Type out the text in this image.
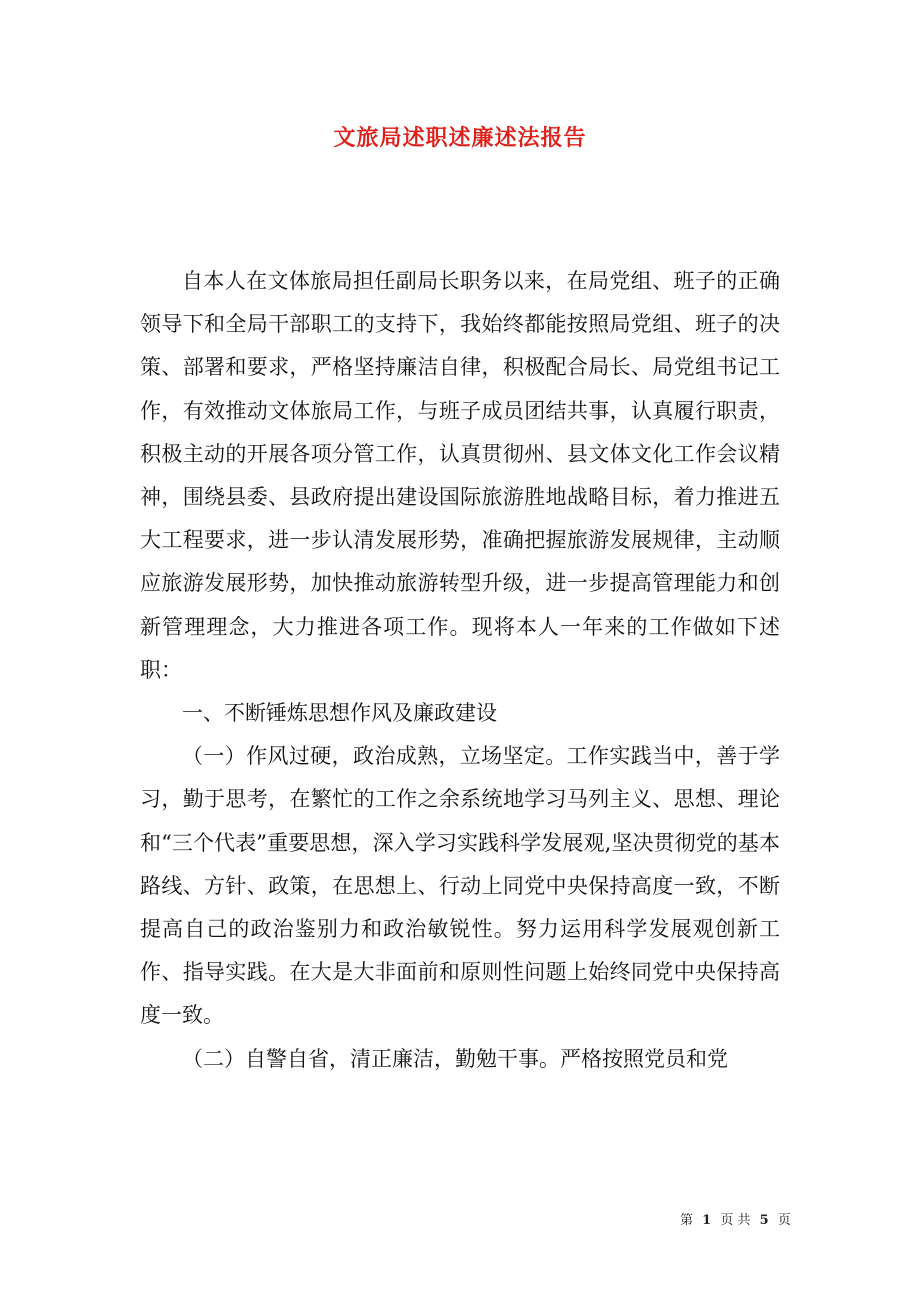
文旅局述职述廉述法报告

自本人在文体旅局担任副局长职务以来，在局党组、班子的正确领导下和全局干部职工的支持下，我始终都能按照局党组、班子的决策、部署和要求，严格坚持廉洁自律，积极配合局长、局党组书记工作，有效推动文体旅局工作，与班子成员团结共事，认真履行职责，积极主动的开展各项分管工作，认真贯彻州、县文体文化工作会议精神，围绕县委、县政府提出建设国际旅游胜地战略目标，着力推进五大工程要求，进一步认清发展形势，准确把握旅游发展规律，主动顺应旅游发展形势，加快推动旅游转型升级，进一步提高管理能力和创新管理理念，大力推进各项工作。现将本人一年来的工作做如下述职：

一、不断锤炼思想作风及廉政建设

（一）作风过硬，政治成熟，立场坚定。工作实践当中，善于学习，勤于思考，在繁忙的工作之余系统地学习马列主义、思想、理论和“三个代表”重要思想，深入学习实践科学发展观,坚决贯彻党的基本路线、方针、政策，在思想上、行动上同党中央保持高度一致，不断提高自己的政治鉴别力和政治敏锐性。努力运用科学发展观创新工作、指导实践。在大是大非面前和原则性问题上始终同党中央保持高度一致。

（二）自警自省，清正廉洁，勤勉干事。严格按照党员和党

第 1 页 共 5 页
